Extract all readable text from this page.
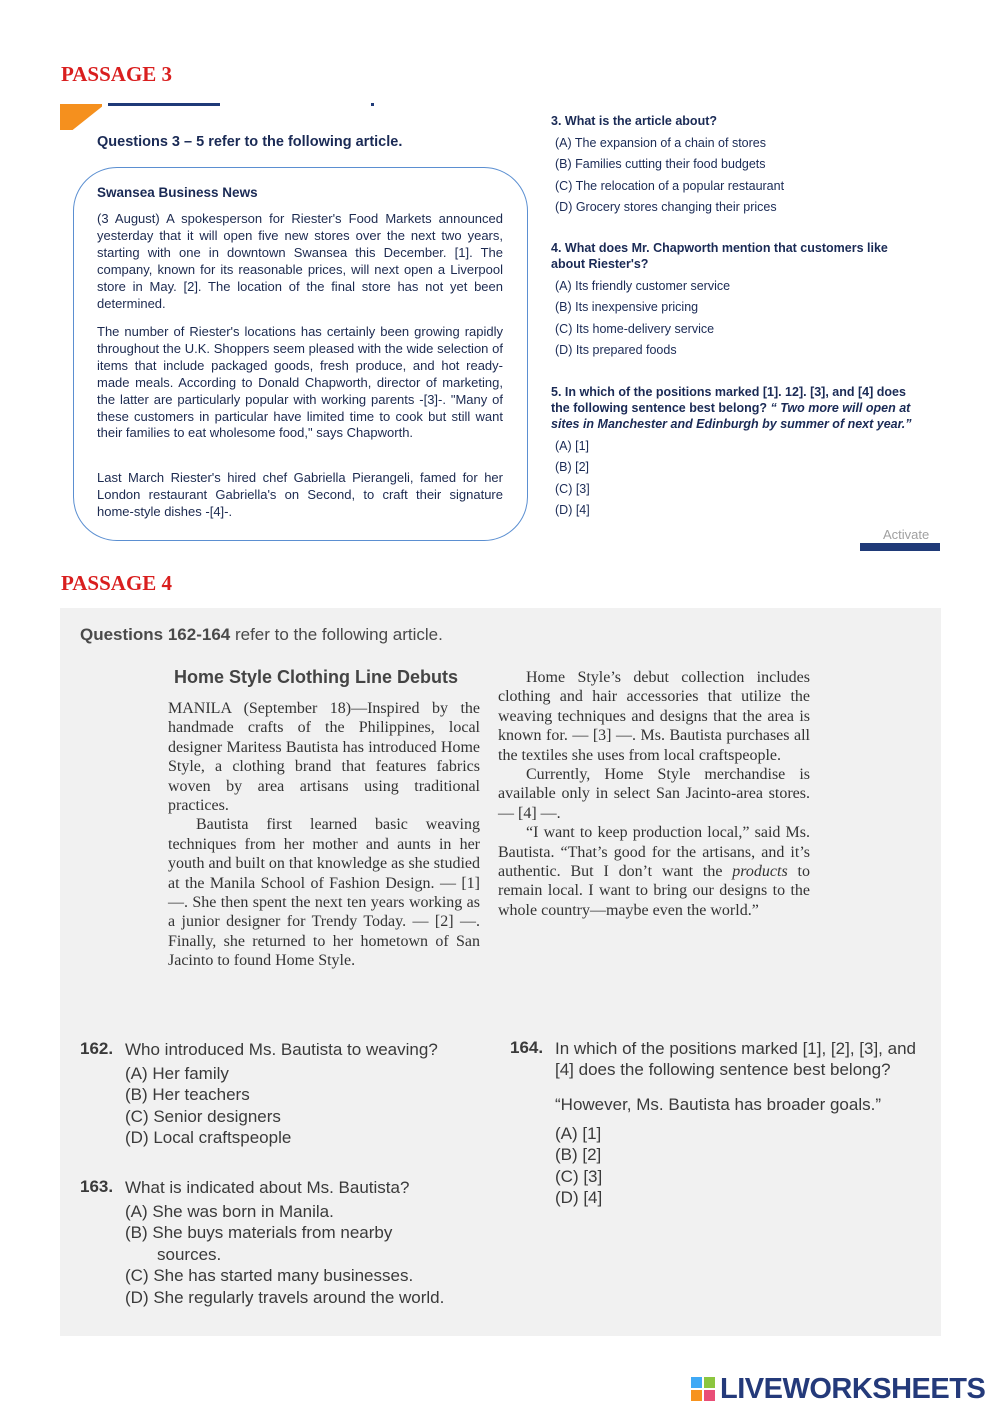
PASSAGE 3
Questions 3 – 5 refer to the following article.
Swansea Business News

(3 August) A spokesperson for Riester's Food Markets announced yesterday that it will open five new stores over the next two years, starting with one in downtown Swansea this December. [1]. The company, known for its reasonable prices, will next open a Liverpool store in May. [2]. The location of the final store has not yet been determined.

The number of Riester's locations has certainly been growing rapidly throughout the U.K. Shoppers seem pleased with the wide selection of items that include packaged goods, fresh produce, and hot ready-made meals. According to Donald Chapworth, director of marketing, the latter are particularly popular with working parents -[3]-. "Many of these customers in particular have limited time to cook but still want their families to eat wholesome food," says Chapworth.

Last March Riester's hired chef Gabriella Pierangeli, famed for her London restaurant Gabriella's on Second, to craft their signature home-style dishes -[4]-.

3. What is the article about?
(A) The expansion of a chain of stores
(B) Families cutting their food budgets
(C) The relocation of a popular restaurant
(D) Grocery stores changing their prices
4. What does Mr. Chapworth mention that customers like about Riester's?
(A) Its friendly customer service
(B) Its inexpensive pricing
(C) Its home-delivery service
(D) Its prepared foods
5. In which of the positions marked [1]. 12]. [3], and [4] does the following sentence best belong? “ Two more will open at sites in Manchester and Edinburgh by summer of next year.”
(A) [1]
(B) [2]
(C) [3]
(D) [4]
Activate
PASSAGE 4
Questions 162-164 refer to the following article.
Home Style Clothing Line Debuts

MANILA (September 18)—Inspired by the handmade crafts of the Philippines, local designer Maritess Bautista has introduced Home Style, a clothing brand that features fabrics woven by area artisans using traditional practices.

Bautista first learned basic weaving techniques from her mother and aunts in her youth and built on that knowledge as she studied at the Manila School of Fashion Design. — [1] —. She then spent the next ten years working as a junior designer for Trendy Today. — [2] —. Finally, she returned to her hometown of San Jacinto to found Home Style.

Home Style’s debut collection includes clothing and hair accessories that utilize the weaving techniques and designs that the area is known for. — [3] —. Ms. Bautista purchases all the textiles she uses from local craftspeople.

Currently, Home Style merchandise is available only in select San Jacinto-area stores. — [4] —.

“I want to keep production local,” said Ms. Bautista. “That’s good for the artisans, and it’s authentic. But I don’t want the products to remain local. I want to bring our designs to the whole country—maybe even the world.”

162. Who introduced Ms. Bautista to weaving?
(A) Her family
(B) Her teachers
(C) Senior designers
(D) Local craftspeople
163. What is indicated about Ms. Bautista?
(A) She was born in Manila.
(B) She buys materials from nearby sources.
(C) She has started many businesses.
(D) She regularly travels around the world.
164. In which of the positions marked [1], [2], [3], and [4] does the following sentence best belong?
“However, Ms. Bautista has broader goals.”
(A) [1]
(B) [2]
(C) [3]
(D) [4]
LIVEWORKSHEETS
